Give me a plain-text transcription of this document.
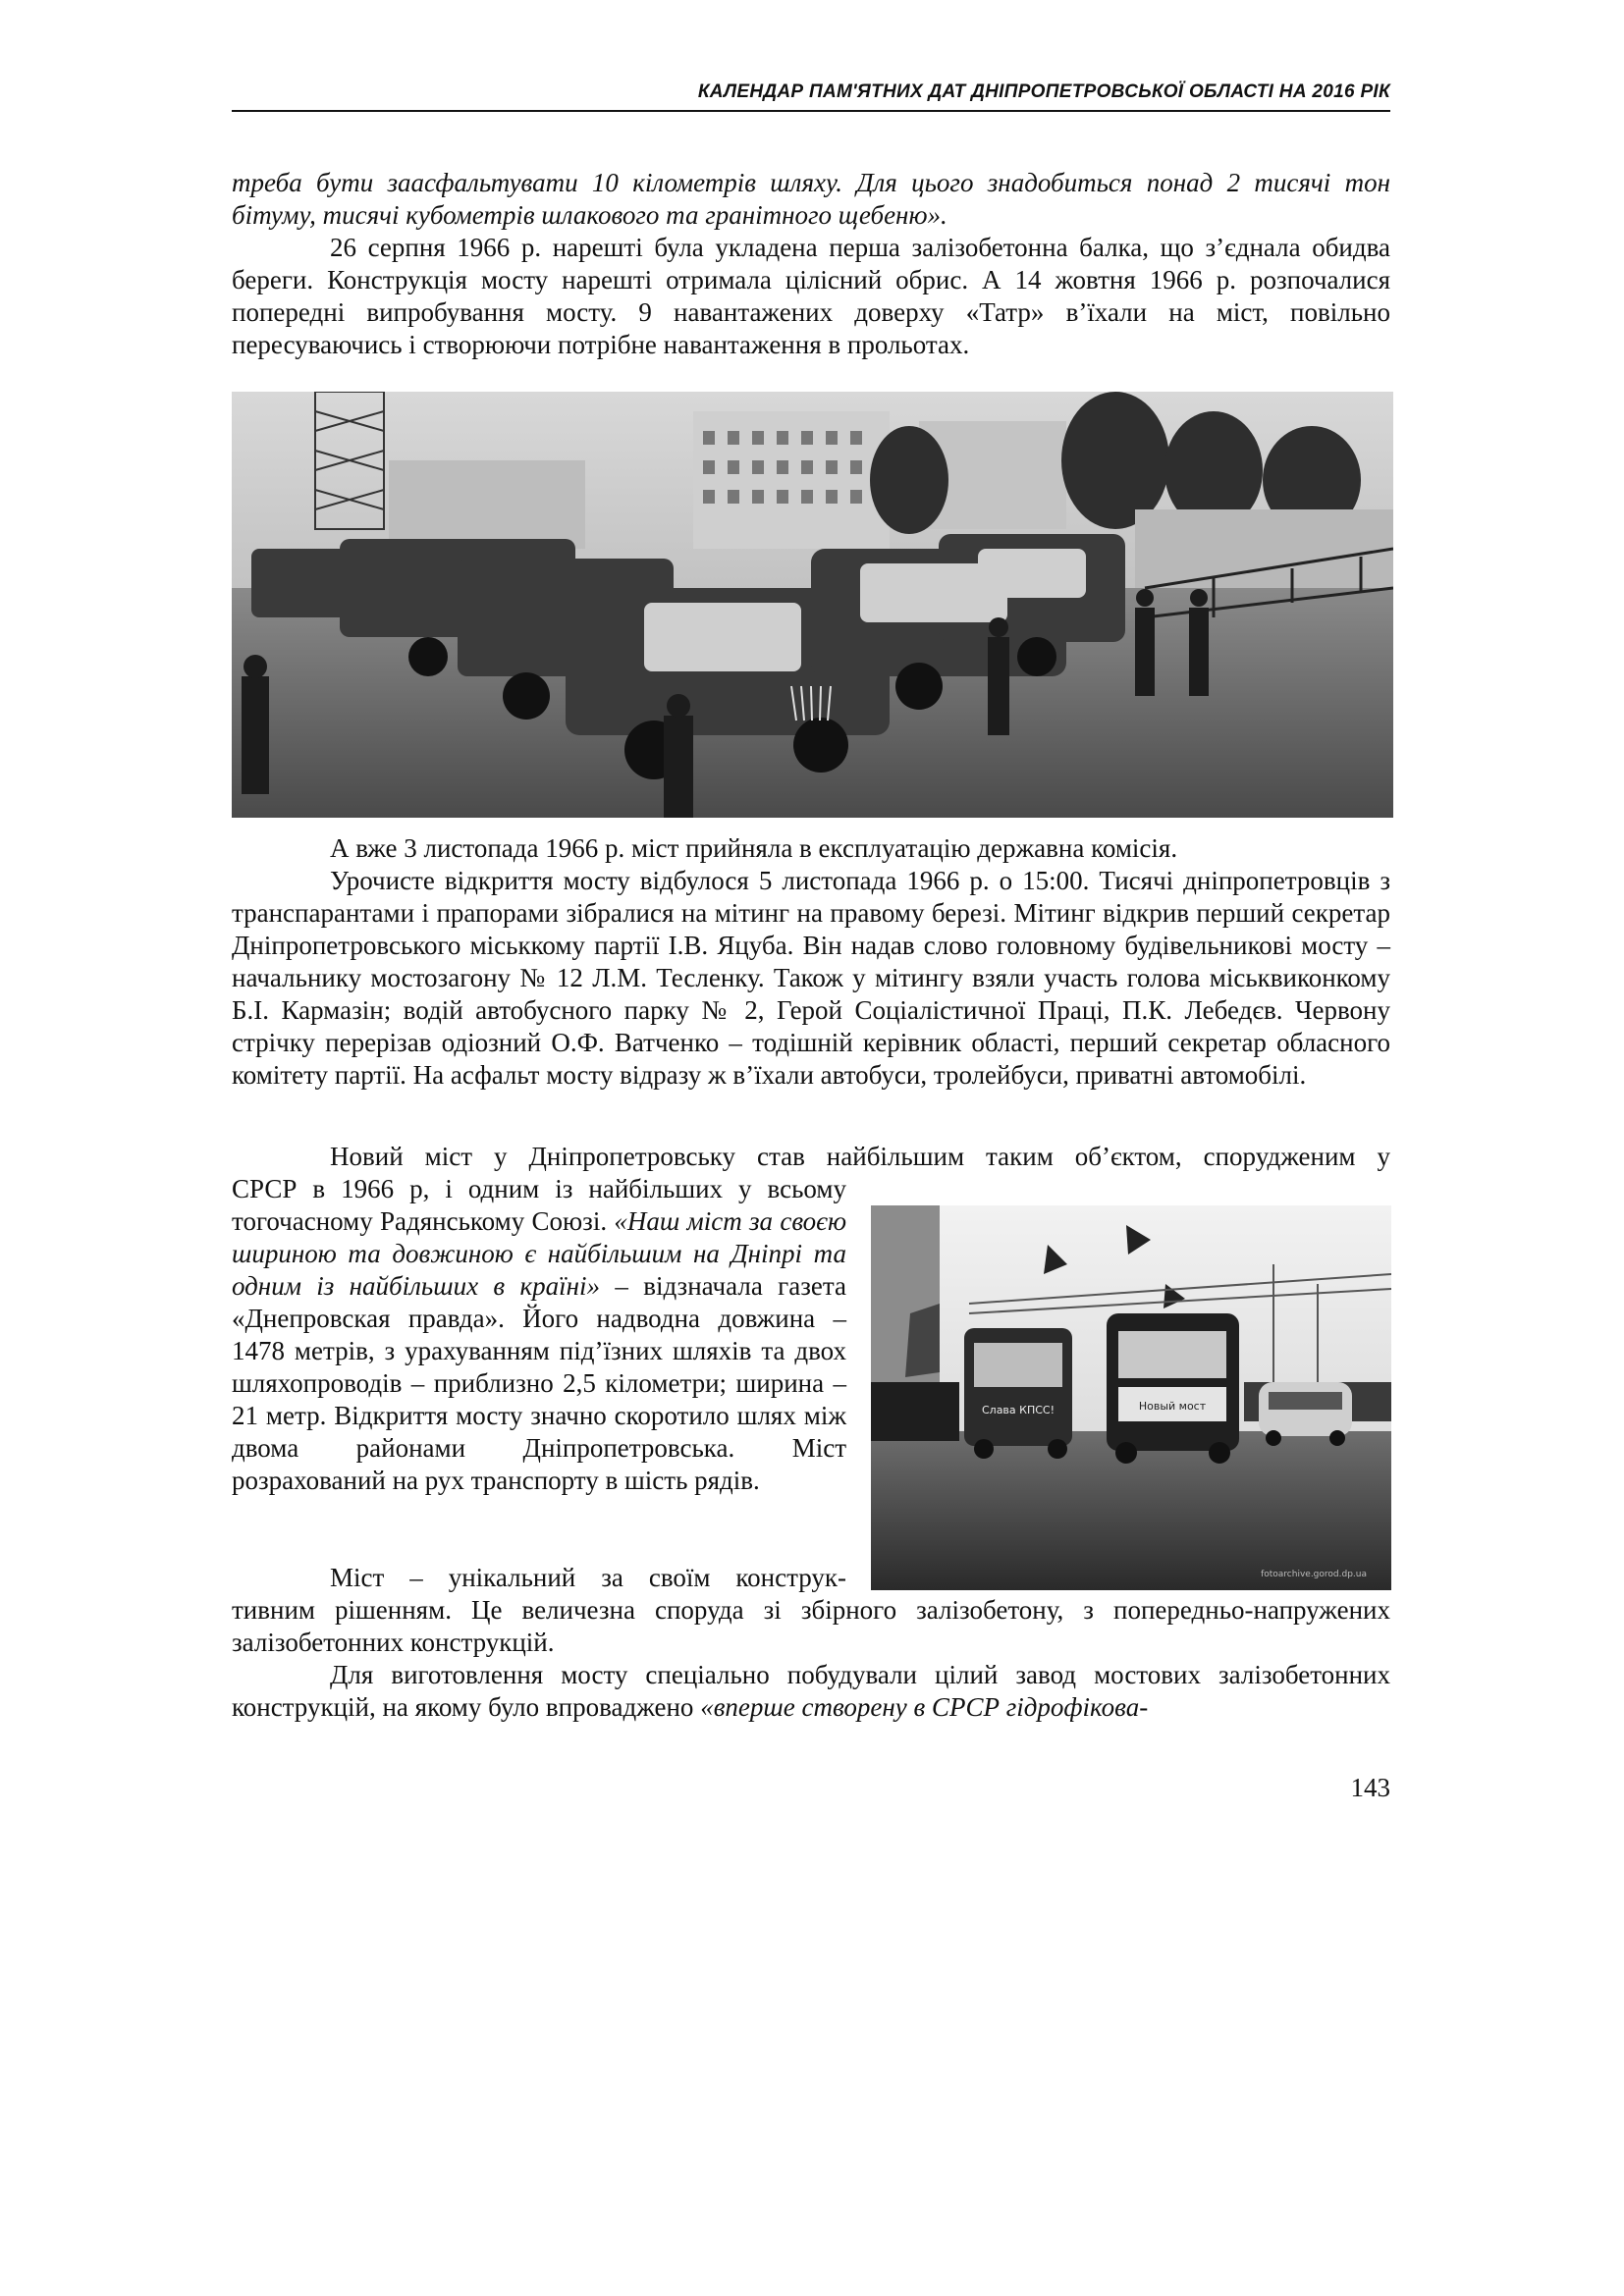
КАЛЕНДАР ПАМ'ЯТНИХ ДАТ ДНІПРОПЕТРОВСЬКОЇ ОБЛАСТІ НА 2016 РІК

треба бути заасфальтувати 10 кілометрів шляху. Для цього знадобиться понад 2 тисячі тон бітуму, тисячі кубометрів шлакового та гранітного щебеню».

26 серпня 1966 р. нарешті була укладена перша залізобетонна балка, що з’єднала обидва береги. Конструкція мосту нарешті отримала цілісний обрис. А 14 жовтня 1966 р. розпочалися попередні випробування мосту. 9 навантажених доверху «Татр» в’їхали на міст, повільно пересуваючись і створюючи потрібне навантаження в прольотах.

А вже 3 листопада 1966 р. міст прийняла в експлуатацію державна комісія.

Урочисте відкриття мосту відбулося 5 листопада 1966 р. о 15:00. Тисячі дніпропетровців з транспарантами і прапорами зібралися на мітинг на правому березі. Мітинг відкрив перший секретар Дніпропетровського міськкому партії І.В. Яцуба. Він надав слово головному будівельникові мосту – начальнику мостозагону № 12 Л.М. Тесленку. Також у мітингу взяли участь голова міськвиконкому Б.І. Кармазін; водій автобусного парку № 2, Герой Соціалістичної Праці, П.К. Лебедєв. Червону стрічку перерізав одіозний О.Ф. Ватченко – тодішній керівник області, перший секретар обласного комітету партії. На асфальт мосту відразу ж в’їхали автобуси, тролейбуси, приватні автомобілі.

Новий міст у Дніпропетровську став найбільшим таким об’єктом, спорудженим у

СРСР в 1966 р, і одним із найбільших у всьому тогочасному Радянському Союзі. «Наш міст за своєю шириною та довжиною є найбільшим на Дніпрі та одним із найбільших в країні» – відзначала газета «Днепровская правда». Його надводна довжина – 1478 метрів, з урахуванням під’їзних шляхів та двох шляхопроводів – приблизно 2,5 кілометри; ширина – 21 метр. Відкриття мосту значно скоротило шлях між двома районами Дніпропетровська. Міст розрахований на рух транспорту в шість рядів.

Міст – унікальний за своїм конструк-

тивним рішенням. Це величезна споруда зі збірного залізобетону, з попередньо-напружених залізобетонних конструкцій.

Для виготовлення мосту спеціально побудували цілий завод мостових залізобетонних конструкцій, на якому було впроваджено «вперше створену в СРСР гідрофікова-

Слава КПСС!	Новый мост
fotoarchive.gorod.dp.ua
143
